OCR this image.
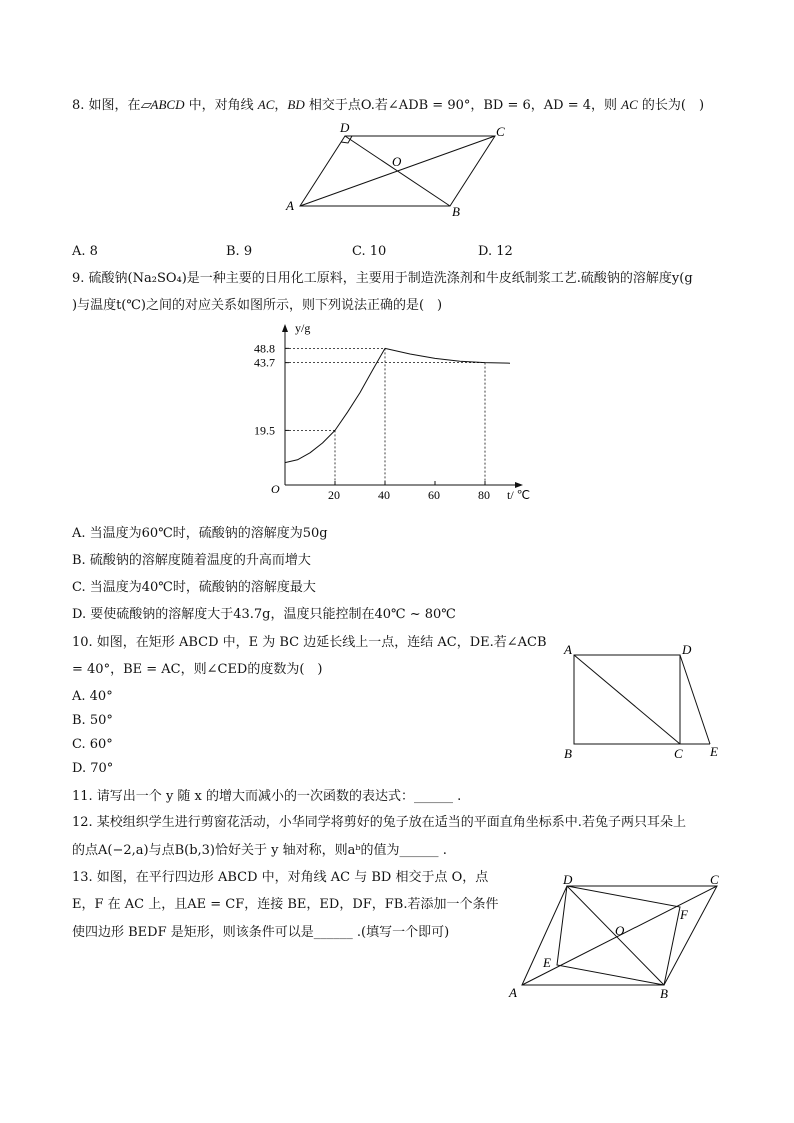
8. 如图，在▱ABCD 中，对角线 AC，BD 相交于点O.若∠ADB = 90°，BD = 6，AD = 4，则 AC 的长为(　)
A
D	C
B
O
A. 8	B. 9	C. 10	D. 12
9. 硫酸钠(Na₂SO₄)是一种主要的日用化工原料，主要用于制造洗涤剂和牛皮纸制浆工艺.硫酸钠的溶解度y(g
)与温度t(℃)之间的对应关系如图所示，则下列说法正确的是(　)
20	40	60	80
19.5
43.7
48.8
O
y/g
t/ ℃
A. 当温度为60℃时，硫酸钠的溶解度为50g
B. 硫酸钠的溶解度随着温度的升高而增大
C. 当温度为40℃时，硫酸钠的溶解度最大
D. 要使硫酸钠的溶解度大于43.7g，温度只能控制在40℃ ~ 80℃
10. 如图，在矩形 ABCD 中，E 为 BC 边延长线上一点，连结 AC，DE.若∠ACB
= 40°，BE = AC，则∠CED的度数为(　)
A. 40°
B. 50°
C. 60°
D. 70°
A	D
B	C E
11. 请写出一个 y 随 x 的增大而减小的一次函数的表达式：______ .
12. 某校组织学生进行剪窗花活动，小华同学将剪好的兔子放在适当的平面直角坐标系中.若兔子两只耳朵上
的点A(−2,a)与点B(b,3)恰好关于 y 轴对称，则aᵇ的值为______ .
13. 如图，在平行四边形 ABCD 中，对角线 AC 与 BD 相交于点 O，点
E，F 在 AC 上，且AE = CF，连接 BE，ED，DF，FB.若添加一个条件
使四边形 BEDF 是矩形，则该条件可以是______ .(填写一个即可)
A
D	C
B
E
F
O
